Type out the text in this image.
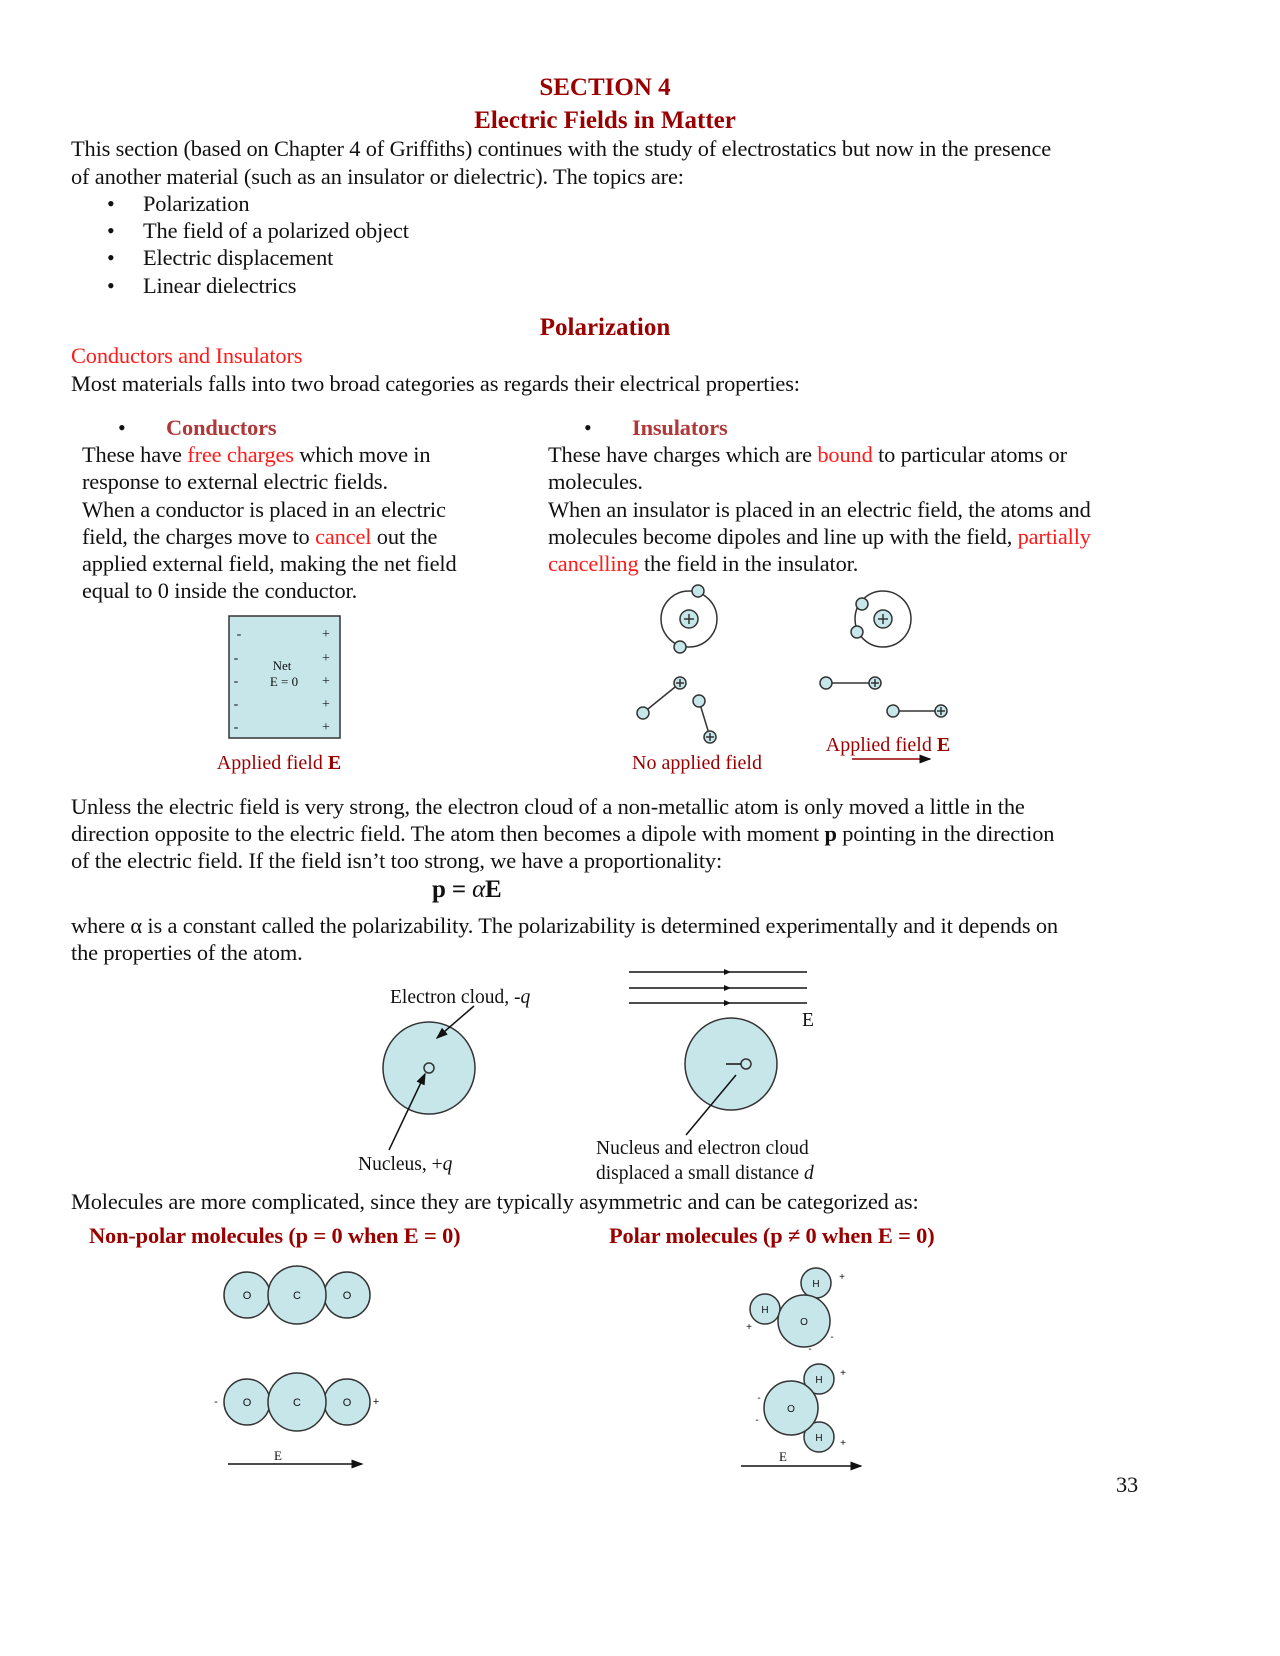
SECTION 4
Electric Fields in Matter
This section (based on Chapter 4 of Griffiths) continues with the study of electrostatics but now in the presence
of another material (such as an insulator or dielectric). The topics are:
• Polarization
• The field of a polarized object
• Electric displacement
• Linear dielectrics
Polarization
Conductors and Insulators
Most materials falls into two broad categories as regards their electrical properties:
• Conductors
These have free charges which move in
response to external electric fields.
When a conductor is placed in an electric
field, the charges move to cancel out the
applied external field, making the net field
equal to 0 inside the conductor.
• Insulators
These have charges which are bound to particular atoms or
molecules.
When an insulator is placed in an electric field, the atoms and
molecules become dipoles and line up with the field, partially
cancelling the field in the insulator.
Unless the electric field is very strong, the electron cloud of a non-metallic atom is only moved a little in the
direction opposite to the electric field. The atom then becomes a dipole with moment p pointing in the direction
of the electric field. If the field isn’t too strong, we have a proportionality:
p = αE
where α is a constant called the polarizability. The polarizability is determined experimentally and it depends on
the properties of the atom.
Molecules are more complicated, since they are typically asymmetric and can be categorized as:
Non-polar molecules (p = 0 when E = 0)	Polar molecules (p ≠ 0 when E = 0)
33
-
-
-
-
-
+
+
+
+
+
Net
E = 0
Applied field E	No applied field
Applied field E
Electron cloud, -q
Nucleus, +q
E
Nucleus and electron cloud
displaced a small distance d
O	C	O
O	C	O
-	+
E
H
H
O
H
H
O
+
+
-
-
+
+
-
-
E
